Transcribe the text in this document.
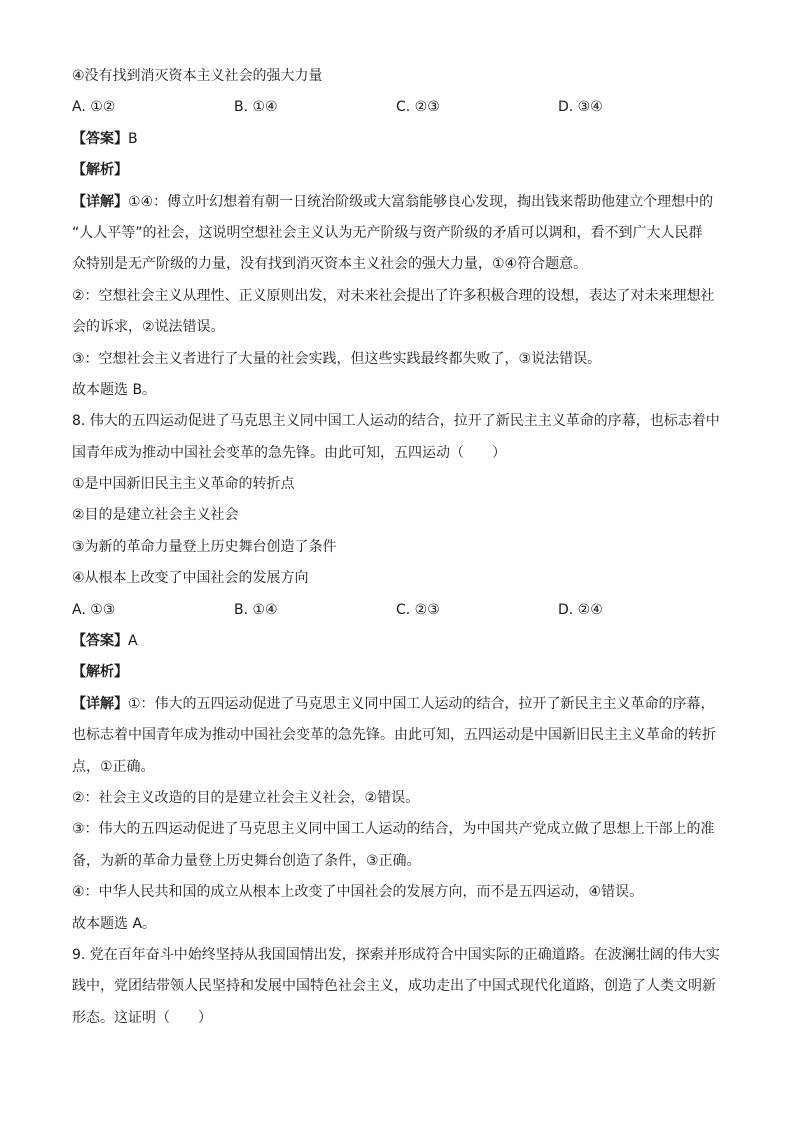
④没有找到消灭资本主义社会的强大力量
A. ①②	B. ①④	C. ②③	D. ③④
【答案】B
【解析】
【详解】①④：傅立叶幻想着有朝一日统治阶级或大富翁能够良心发现，掏出钱来帮助他建立个理想中的
“人人平等”的社会，这说明空想社会主义认为无产阶级与资产阶级的矛盾可以调和，看不到广大人民群
众特别是无产阶级的力量，没有找到消灭资本主义社会的强大力量，①④符合题意。
②：空想社会主义从理性、正义原则出发，对未来社会提出了许多积极合理的设想，表达了对未来理想社
会的诉求，②说法错误。
③：空想社会主义者进行了大量的社会实践，但这些实践最终都失败了，③说法错误。
故本题选 B。
8. 伟大的五四运动促进了马克思主义同中国工人运动的结合，拉开了新民主主义革命的序幕，也标志着中
国青年成为推动中国社会变革的急先锋。由此可知，五四运动（　　）
①是中国新旧民主主义革命的转折点
②目的是建立社会主义社会
③为新的革命力量登上历史舞台创造了条件
④从根本上改变了中国社会的发展方向
A. ①③	B. ①④	C. ②③	D. ②④
【答案】A
【解析】
【详解】①：伟大的五四运动促进了马克思主义同中国工人运动的结合，拉开了新民主主义革命的序幕，
也标志着中国青年成为推动中国社会变革的急先锋。由此可知，五四运动是中国新旧民主主义革命的转折
点，①正确。
②：社会主义改造的目的是建立社会主义社会，②错误。
③：伟大的五四运动促进了马克思主义同中国工人运动的结合，为中国共产党成立做了思想上干部上的准
备，为新的革命力量登上历史舞台创造了条件，③正确。
④：中华人民共和国的成立从根本上改变了中国社会的发展方向，而不是五四运动，④错误。
故本题选 A。
9. 党在百年奋斗中始终坚持从我国国情出发，探索并形成符合中国实际的正确道路。在波澜壮阔的伟大实
践中，党团结带领人民坚持和发展中国特色社会主义，成功走出了中国式现代化道路，创造了人类文明新
形态。这证明（　　）
